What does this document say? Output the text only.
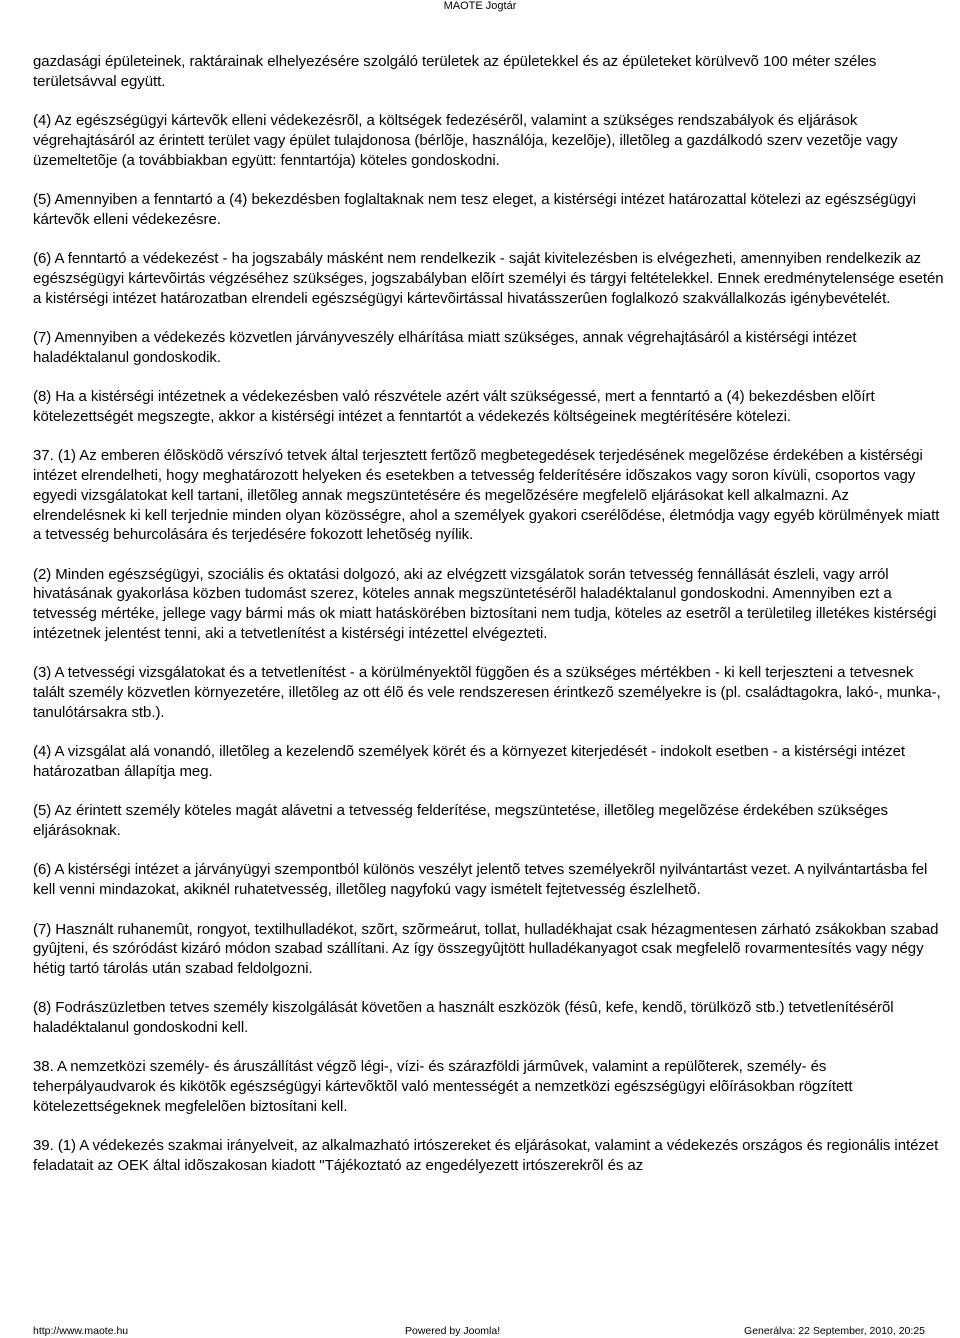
MAOTE Jogtár

gazdasági épületeinek, raktárainak elhelyezésére szolgáló területek az épületekkel és az épületeket körülvevõ 100 méter széles területsávval együtt.

(4) Az egészségügyi kártevõk elleni védekezésrõl, a költségek fedezésérõl, valamint a szükséges rendszabályok és eljárások végrehajtásáról az érintett terület vagy épület tulajdonosa (bérlõje, használója, kezelõje), illetõleg a gazdálkodó szerv vezetõje vagy üzemeltetõje (a továbbiakban együtt: fenntartója) köteles gondoskodni.

(5) Amennyiben a fenntartó a (4) bekezdésben foglaltaknak nem tesz eleget, a kistérségi intézet határozattal kötelezi az egészségügyi kártevõk elleni védekezésre.

(6) A fenntartó a védekezést - ha jogszabály másként nem rendelkezik - saját kivitelezésben is elvégezheti, amennyiben rendelkezik az egészségügyi kártevõirtás végzéséhez szükséges, jogszabályban elõírt személyi és tárgyi feltételekkel. Ennek eredménytelensége esetén a kistérségi intézet határozatban elrendeli egészségügyi kártevõirtással hivatásszerûen foglalkozó szakvállalkozás igénybevételét.

(7) Amennyiben a védekezés közvetlen járványveszély elhárítása miatt szükséges, annak végrehajtásáról a kistérségi intézet haladéktalanul gondoskodik.

(8) Ha a kistérségi intézetnek a védekezésben való részvétele azért vált szükségessé, mert a fenntartó a (4) bekezdésben elõírt kötelezettségét megszegte, akkor a kistérségi intézet a fenntartót a védekezés költségeinek megtérítésére kötelezi.

37. (1) Az emberen élõsködõ vérszívó tetvek által terjesztett fertõzõ megbetegedések terjedésének megelõzése érdekében a kistérségi intézet elrendelheti, hogy meghatározott helyeken és esetekben a tetvesség felderítésére idõszakos vagy soron kívüli, csoportos vagy egyedi vizsgálatokat kell tartani, illetõleg annak megszüntetésére és megelõzésére megfelelõ eljárásokat kell alkalmazni. Az elrendelésnek ki kell terjednie minden olyan közösségre, ahol a személyek gyakori cserélõdése, életmódja vagy egyéb körülmények miatt a tetvesség behurcolására és terjedésére fokozott lehetõség nyílik.

(2) Minden egészségügyi, szociális és oktatási dolgozó, aki az elvégzett vizsgálatok során tetvesség fennállását észleli, vagy arról hivatásának gyakorlása közben tudomást szerez, köteles annak megszüntetésérõl haladéktalanul gondoskodni. Amennyiben ezt a tetvesség mértéke, jellege vagy bármi más ok miatt hatáskörében biztosítani nem tudja, köteles az esetrõl a területileg illetékes kistérségi intézetnek jelentést tenni, aki a tetvetlenítést a kistérségi intézettel elvégezteti.

(3) A tetvességi vizsgálatokat és a tetvetlenítést - a körülményektõl függõen és a szükséges mértékben - ki kell terjeszteni a tetvesnek talált személy közvetlen környezetére, illetõleg az ott élõ és vele rendszeresen érintkezõ személyekre is (pl. családtagokra, lakó-, munka-, tanulótársakra stb.).

(4) A vizsgálat alá vonandó, illetõleg a kezelendõ személyek körét és a környezet kiterjedését - indokolt esetben - a kistérségi intézet határozatban állapítja meg.

(5) Az érintett személy köteles magát alávetni a tetvesség felderítése, megszüntetése, illetõleg megelõzése érdekében szükséges eljárásoknak.

(6) A kistérségi intézet a járványügyi szempontból különös veszélyt jelentõ tetves személyekrõl nyilvántartást vezet. A nyilvántartásba fel kell venni mindazokat, akiknél ruhatetvesség, illetõleg nagyfokú vagy ismételt fejtetvesség észlelhetõ.

(7) Használt ruhanemût, rongyot, textilhulladékot, szõrt, szõrmeárut, tollat, hulladékhajat csak hézagmentesen zárható zsákokban szabad gyûjteni, és szóródást kizáró módon szabad szállítani. Az így összegyûjtött hulladékanyagot csak megfelelõ rovarmentesítés vagy négy hétig tartó tárolás után szabad feldolgozni.

(8) Fodrászüzletben tetves személy kiszolgálását követõen a használt eszközök (fésû, kefe, kendõ, törülközõ stb.) tetvetlenítésérõl haladéktalanul gondoskodni kell.

38. A nemzetközi személy- és áruszállítást végzõ légi-, vízi- és szárazföldi jármûvek, valamint a repülõterek, személy- és teherpályaudvarok és kikötõk egészségügyi kártevõktõl való mentességét a nemzetközi egészségügyi elõírásokban rögzített kötelezettségeknek megfelelõen biztosítani kell.

39. (1) A védekezés szakmai irányelveit, az alkalmazható irtószereket és eljárásokat, valamint a védekezés országos és regionális intézet feladatait az OEK által idõszakosan kiadott "Tájékoztató az engedélyezett irtószerekrõl és az

http://www.maote.hu	Powered by Joomla!	Generálva: 22 September, 2010, 20:25
